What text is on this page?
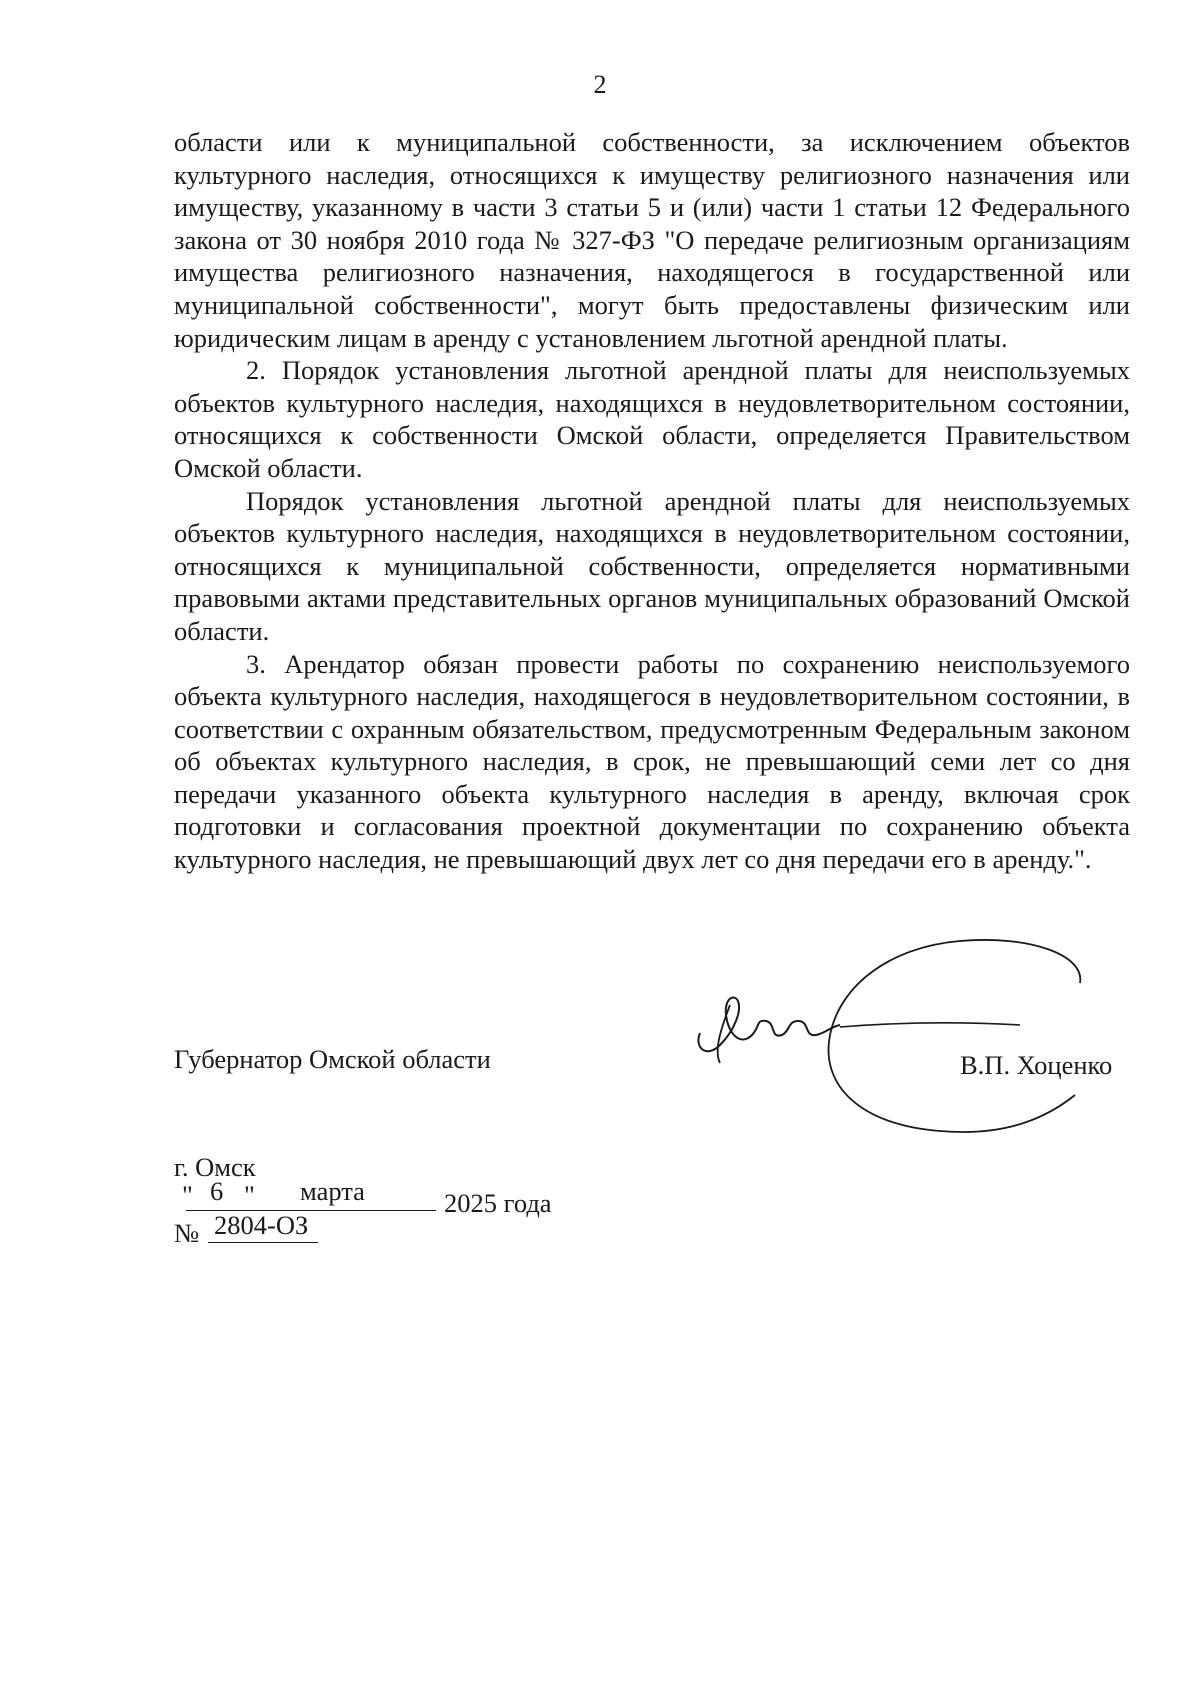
2

области или к муниципальной собственности, за исключением объектов культурного наследия, относящихся к имуществу религиозного назначения или имуществу, указанному в части 3 статьи 5 и (или) части 1 статьи 12 Федерального закона от 30 ноября 2010 года № 327-ФЗ "О передаче религиозным организациям имущества религиозного назначения, находящегося в государственной или муниципальной собственности", могут быть предоставлены физическим или юридическим лицам в аренду с установлением льготной арендной платы.

2. Порядок установления льготной арендной платы для неиспользуемых объектов культурного наследия, находящихся в неудовлетворительном состоянии, относящихся к собственности Омской области, определяется Правительством Омской области.

Порядок установления льготной арендной платы для неиспользуемых объектов культурного наследия, находящихся в неудовлетворительном состоянии, относящихся к муниципальной собственности, определяется нормативными правовыми актами представительных органов муниципальных образований Омской области.

3. Арендатор обязан провести работы по сохранению неиспользуемого объекта культурного наследия, находящегося в неудовлетворительном состоянии, в соответствии с охранным обязательством, предусмотренным Федеральным законом об объектах культурного наследия, в срок, не превышающий семи лет со дня передачи указанного объекта культурного наследия в аренду, включая срок подготовки и согласования проектной документации по сохранению объекта культурного наследия, не превышающий двух лет со дня передачи его в аренду.".

Губернатор Омской области	В.П. Хоценко
г. Омск
" 6 " марта	2025 года
№ 2804-ОЗ
